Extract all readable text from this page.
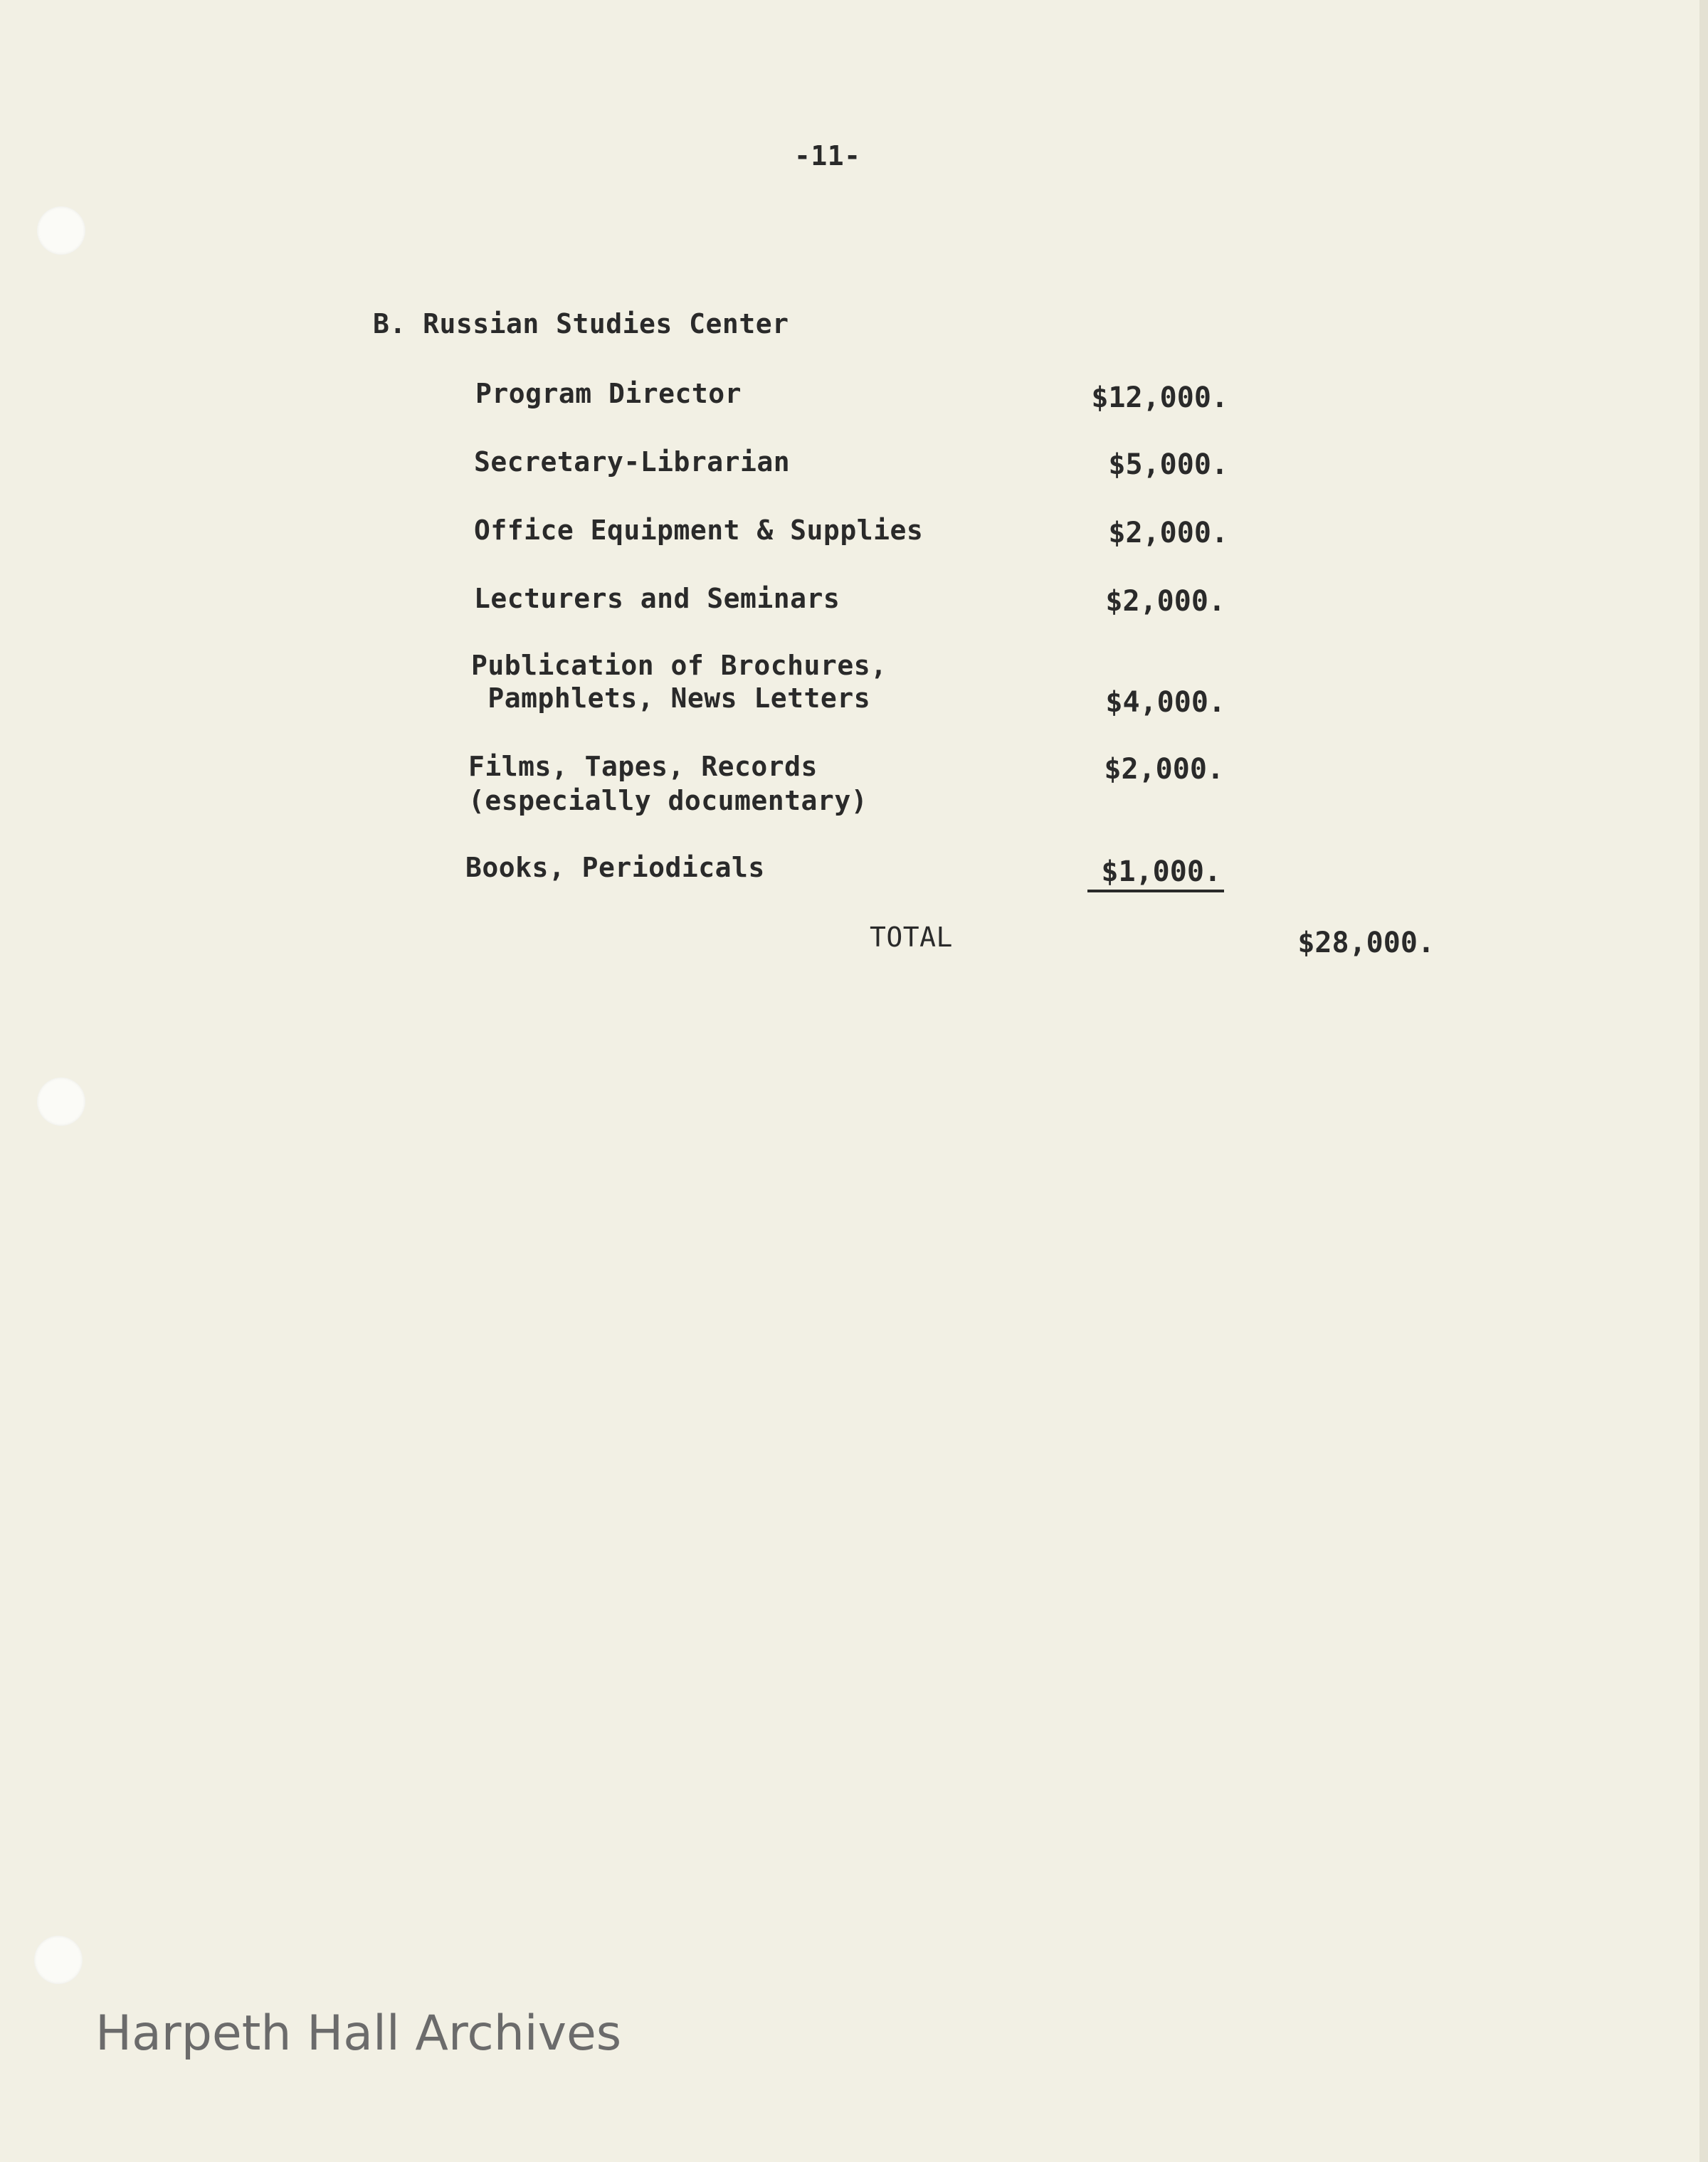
-11-
B. Russian Studies Center
Program Director	$12,000.
Secretary-Librarian	$5,000.
Office Equipment & Supplies	$2,000.
Lecturers and Seminars	$2,000.
Publication of Brochures,
Pamphlets, News Letters	$4,000.
Films, Tapes, Records
(especially documentary)
$2,000.
Books, Periodicals	$1,000.
TOTAL	$28,000.
Harpeth Hall Archives
